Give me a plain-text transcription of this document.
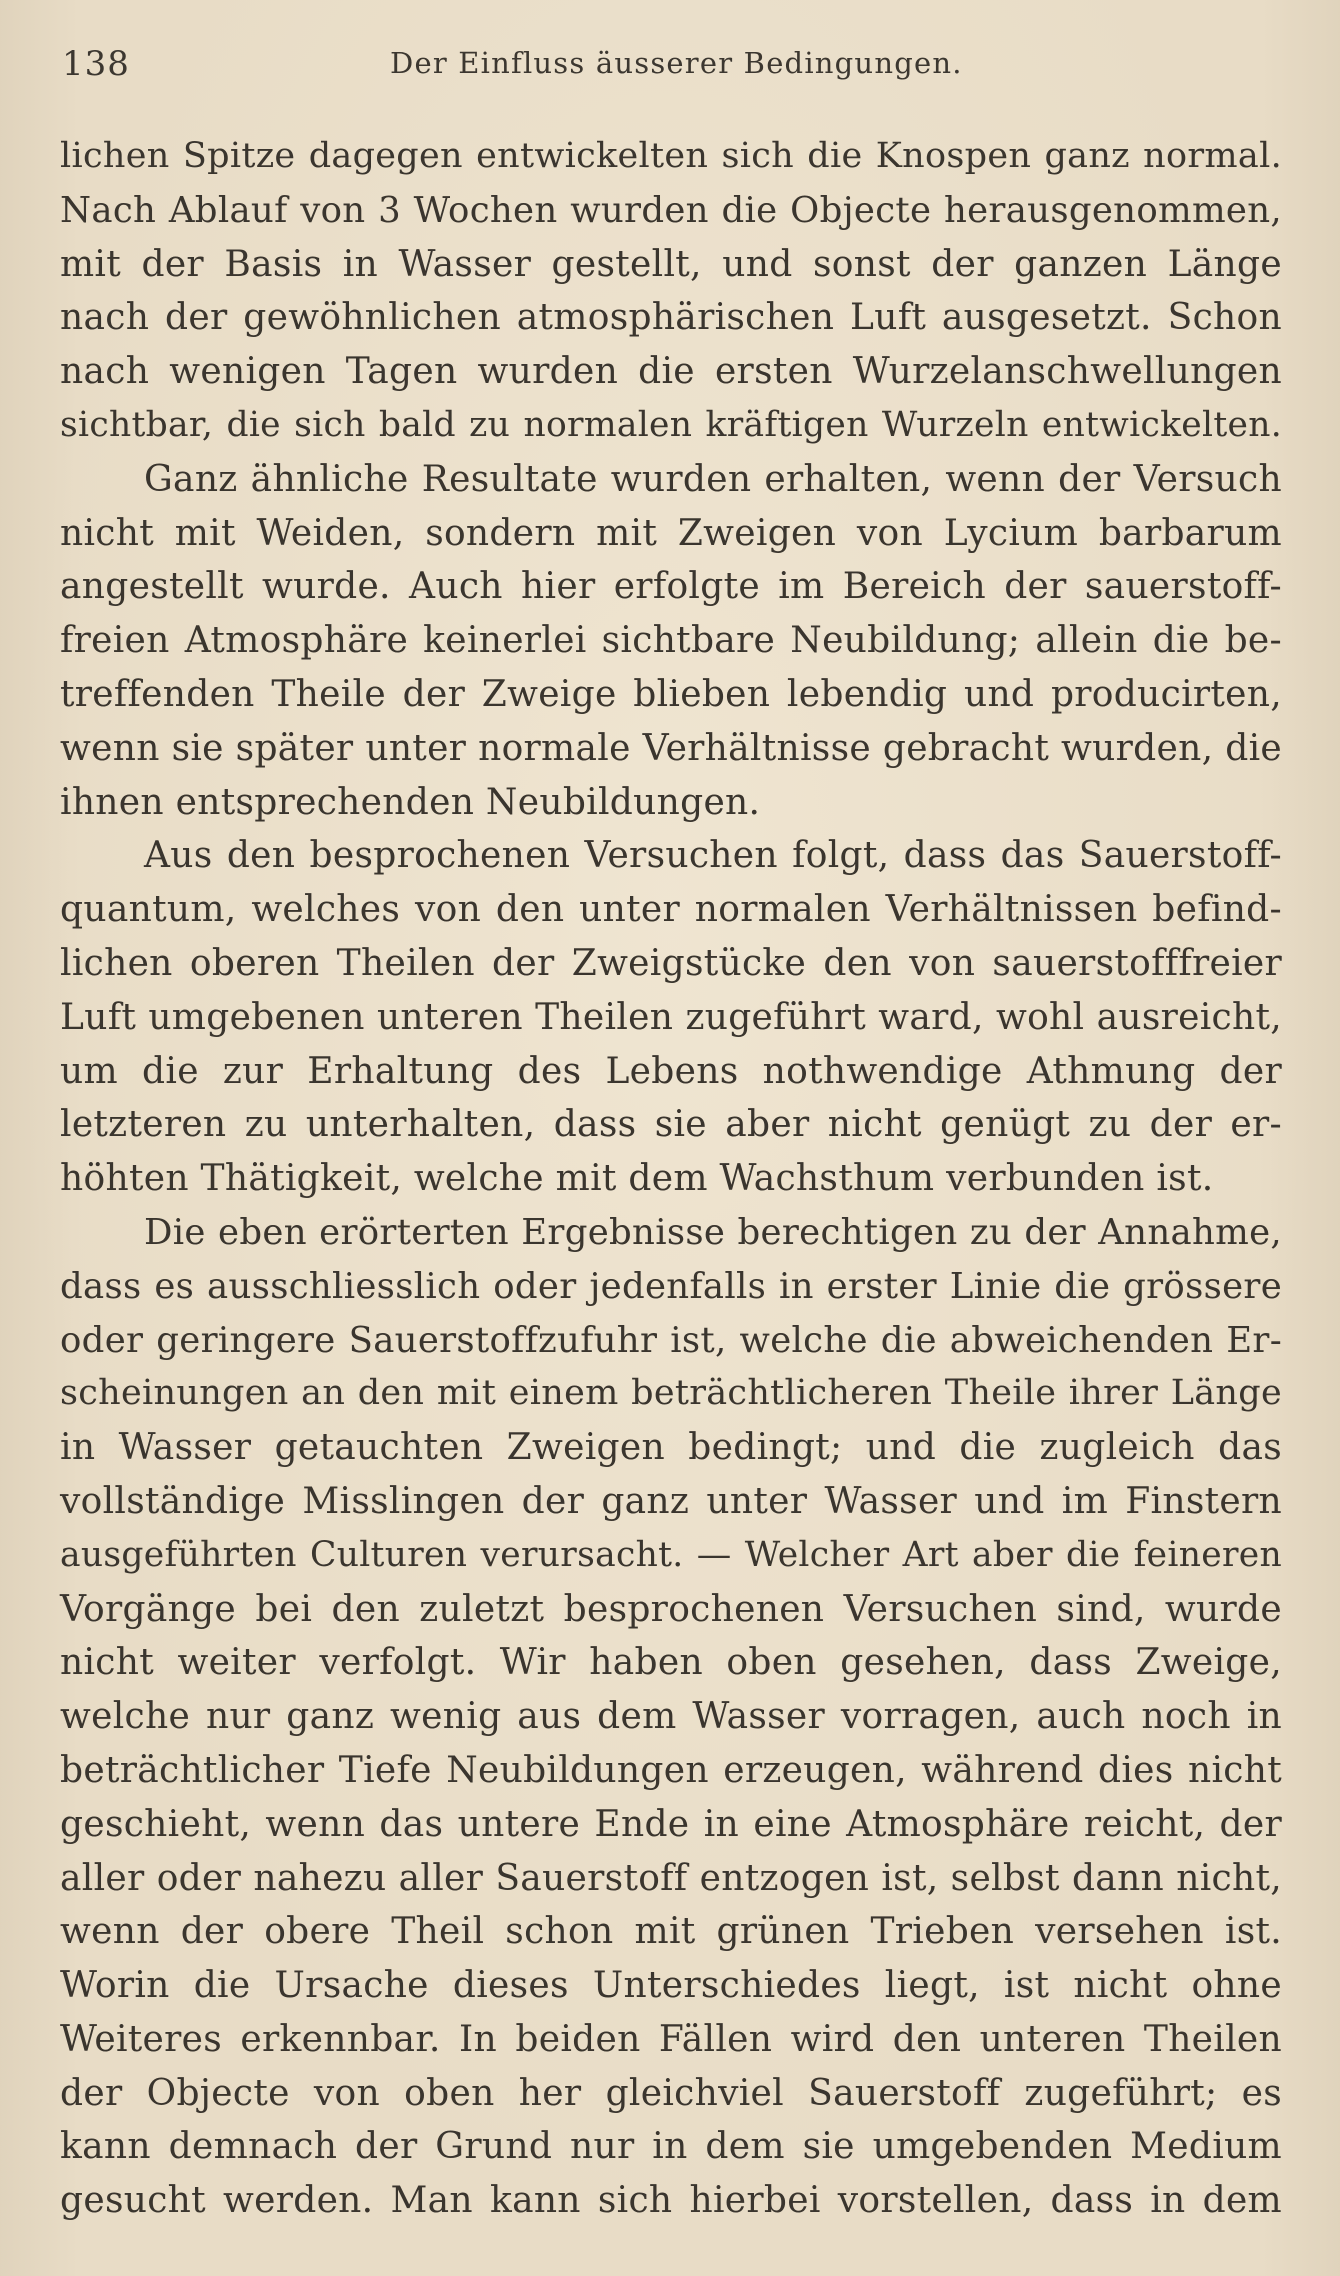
138	Der Einfluss äusserer Bedingungen.
lichen Spitze dagegen entwickelten sich die Knospen ganz normal.
Nach Ablauf von 3 Wochen wurden die Objecte herausgenommen,
mit der Basis in Wasser gestellt, und sonst der ganzen Länge
nach der gewöhnlichen atmosphärischen Luft ausgesetzt. Schon
nach wenigen Tagen wurden die ersten Wurzelanschwellungen
sichtbar, die sich bald zu normalen kräftigen Wurzeln entwickelten.
Ganz ähnliche Resultate wurden erhalten, wenn der Versuch
nicht mit Weiden, sondern mit Zweigen von Lycium barbarum
angestellt wurde. Auch hier erfolgte im Bereich der sauerstoff-
freien Atmosphäre keinerlei sichtbare Neubildung; allein die be-
treffenden Theile der Zweige blieben lebendig und producirten,
wenn sie später unter normale Verhältnisse gebracht wurden, die
ihnen entsprechenden Neubildungen.
Aus den besprochenen Versuchen folgt, dass das Sauerstoff-
quantum, welches von den unter normalen Verhältnissen befind-
lichen oberen Theilen der Zweigstücke den von sauerstofffreier
Luft umgebenen unteren Theilen zugeführt ward, wohl ausreicht,
um die zur Erhaltung des Lebens nothwendige Athmung der
letzteren zu unterhalten, dass sie aber nicht genügt zu der er-
höhten Thätigkeit, welche mit dem Wachsthum verbunden ist.
Die eben erörterten Ergebnisse berechtigen zu der Annahme,
dass es ausschliesslich oder jedenfalls in erster Linie die grössere
oder geringere Sauerstoffzufuhr ist, welche die abweichenden Er-
scheinungen an den mit einem beträchtlicheren Theile ihrer Länge
in Wasser getauchten Zweigen bedingt; und die zugleich das
vollständige Misslingen der ganz unter Wasser und im Finstern
ausgeführten Culturen verursacht. — Welcher Art aber die feineren
Vorgänge bei den zuletzt besprochenen Versuchen sind, wurde
nicht weiter verfolgt. Wir haben oben gesehen, dass Zweige,
welche nur ganz wenig aus dem Wasser vorragen, auch noch in
beträchtlicher Tiefe Neubildungen erzeugen, während dies nicht
geschieht, wenn das untere Ende in eine Atmosphäre reicht, der
aller oder nahezu aller Sauerstoff entzogen ist, selbst dann nicht,
wenn der obere Theil schon mit grünen Trieben versehen ist.
Worin die Ursache dieses Unterschiedes liegt, ist nicht ohne
Weiteres erkennbar. In beiden Fällen wird den unteren Theilen
der Objecte von oben her gleichviel Sauerstoff zugeführt; es
kann demnach der Grund nur in dem sie umgebenden Medium
gesucht werden. Man kann sich hierbei vorstellen, dass in dem
